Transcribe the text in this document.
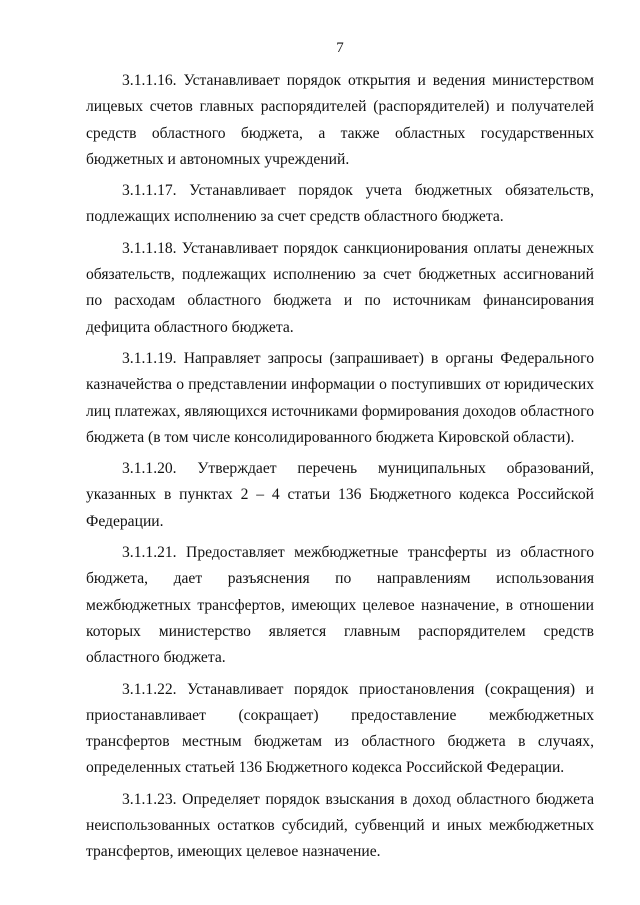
7

3.1.1.16. Устанавливает порядок открытия и ведения министерством лицевых счетов главных распорядителей (распорядителей) и получателей средств областного бюджета, а также областных государственных бюджетных и автономных учреждений.

3.1.1.17. Устанавливает порядок учета бюджетных обязательств, подлежащих исполнению за счет средств областного бюджета.

3.1.1.18. Устанавливает порядок санкционирования оплаты денежных обязательств, подлежащих исполнению за счет бюджетных ассигнований по расходам областного бюджета и по источникам финансирования дефицита областного бюджета.

3.1.1.19. Направляет запросы (запрашивает) в органы Федерального казначейства о представлении информации о поступивших от юридических лиц платежах, являющихся источниками формирования доходов областного бюджета (в том числе консолидированного бюджета Кировской области).

3.1.1.20. Утверждает перечень муниципальных образований, указанных в пунктах 2 – 4 статьи 136 Бюджетного кодекса Российской Федерации.

3.1.1.21. Предоставляет межбюджетные трансферты из областного бюджета, дает разъяснения по направлениям использования межбюджетных трансфертов, имеющих целевое назначение, в отношении которых министерство является главным распорядителем средств областного бюджета.

3.1.1.22. Устанавливает порядок приостановления (сокращения) и приостанавливает (сокращает) предоставление межбюджетных трансфертов местным бюджетам из областного бюджета в случаях, определенных статьей 136 Бюджетного кодекса Российской Федерации.

3.1.1.23. Определяет порядок взыскания в доход областного бюджета неиспользованных остатков субсидий, субвенций и иных межбюджетных трансфертов, имеющих целевое назначение.
